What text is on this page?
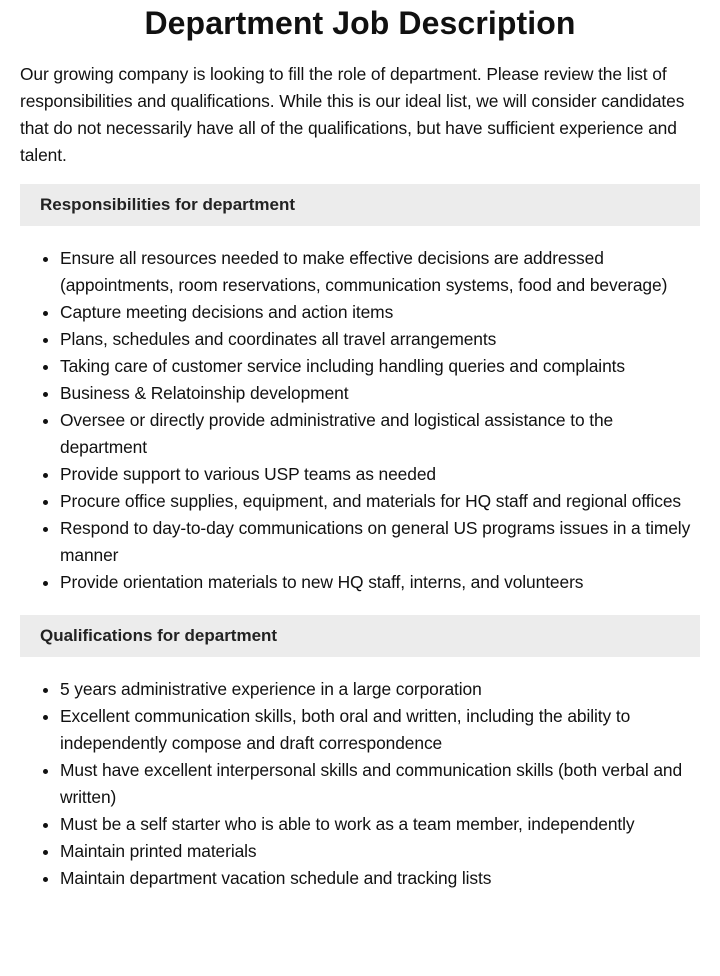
Department Job Description

Our growing company is looking to fill the role of department. Please review the list of responsibilities and qualifications. While this is our ideal list, we will consider candidates that do not necessarily have all of the qualifications, but have sufficient experience and talent.

Responsibilities for department
Ensure all resources needed to make effective decisions are addressed (appointments, room reservations, communication systems, food and beverage)
Capture meeting decisions and action items
Plans, schedules and coordinates all travel arrangements
Taking care of customer service including handling queries and complaints
Business & Relatoinship development
Oversee or directly provide administrative and logistical assistance to the department
Provide support to various USP teams as needed
Procure office supplies, equipment, and materials for HQ staff and regional offices
Respond to day-to-day communications on general US programs issues in a timely manner
Provide orientation materials to new HQ staff, interns, and volunteers
Qualifications for department
5 years administrative experience in a large corporation
Excellent communication skills, both oral and written, including the ability to independently compose and draft correspondence
Must have excellent interpersonal skills and communication skills (both verbal and written)
Must be a self starter who is able to work as a team member, independently
Maintain printed materials
Maintain department vacation schedule and tracking lists
